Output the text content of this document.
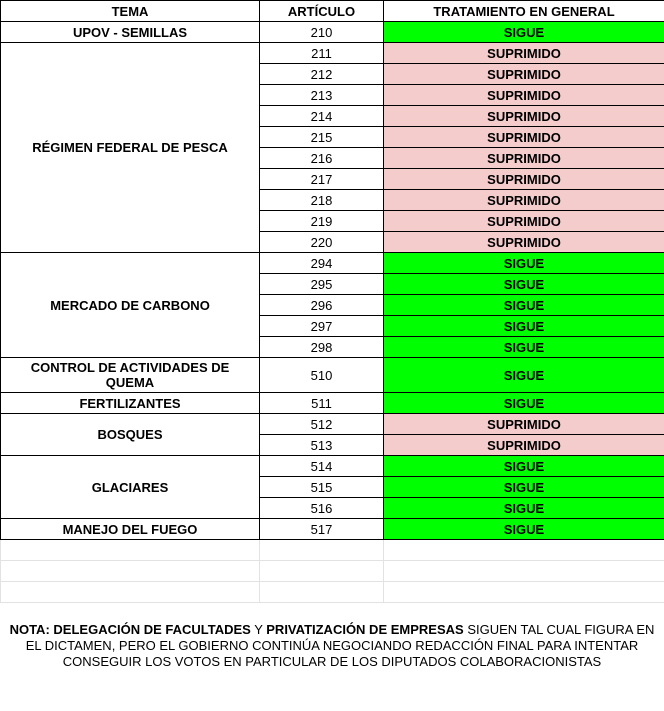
TEMA	ARTÍCULO	TRATAMIENTO EN GENERAL
UPOV - SEMILLAS	210	SIGUE
RÉGIMEN FEDERAL DE PESCA	211	SUPRIMIDO
	212	SUPRIMIDO
	213	SUPRIMIDO
	214	SUPRIMIDO
	215	SUPRIMIDO
	216	SUPRIMIDO
	217	SUPRIMIDO
	218	SUPRIMIDO
	219	SUPRIMIDO
	220	SUPRIMIDO
MERCADO DE CARBONO	294	SIGUE
	295	SIGUE
	296	SIGUE
	297	SIGUE
	298	SIGUE
CONTROL DE ACTIVIDADES DE QUEMA	510	SIGUE
FERTILIZANTES	511	SIGUE
BOSQUES	512	SUPRIMIDO
	513	SUPRIMIDO
GLACIARES	514	SIGUE
	515	SIGUE
	516	SIGUE
MANEJO DEL FUEGO	517	SIGUE

NOTA: DELEGACIÓN DE FACULTADES Y PRIVATIZACIÓN DE EMPRESAS SIGUEN TAL CUAL FIGURA EN EL DICTAMEN, PERO EL GOBIERNO CONTINÚA NEGOCIANDO REDACCIÓN FINAL PARA INTENTAR CONSEGUIR LOS VOTOS EN PARTICULAR DE LOS DIPUTADOS COLABORACIONISTAS
